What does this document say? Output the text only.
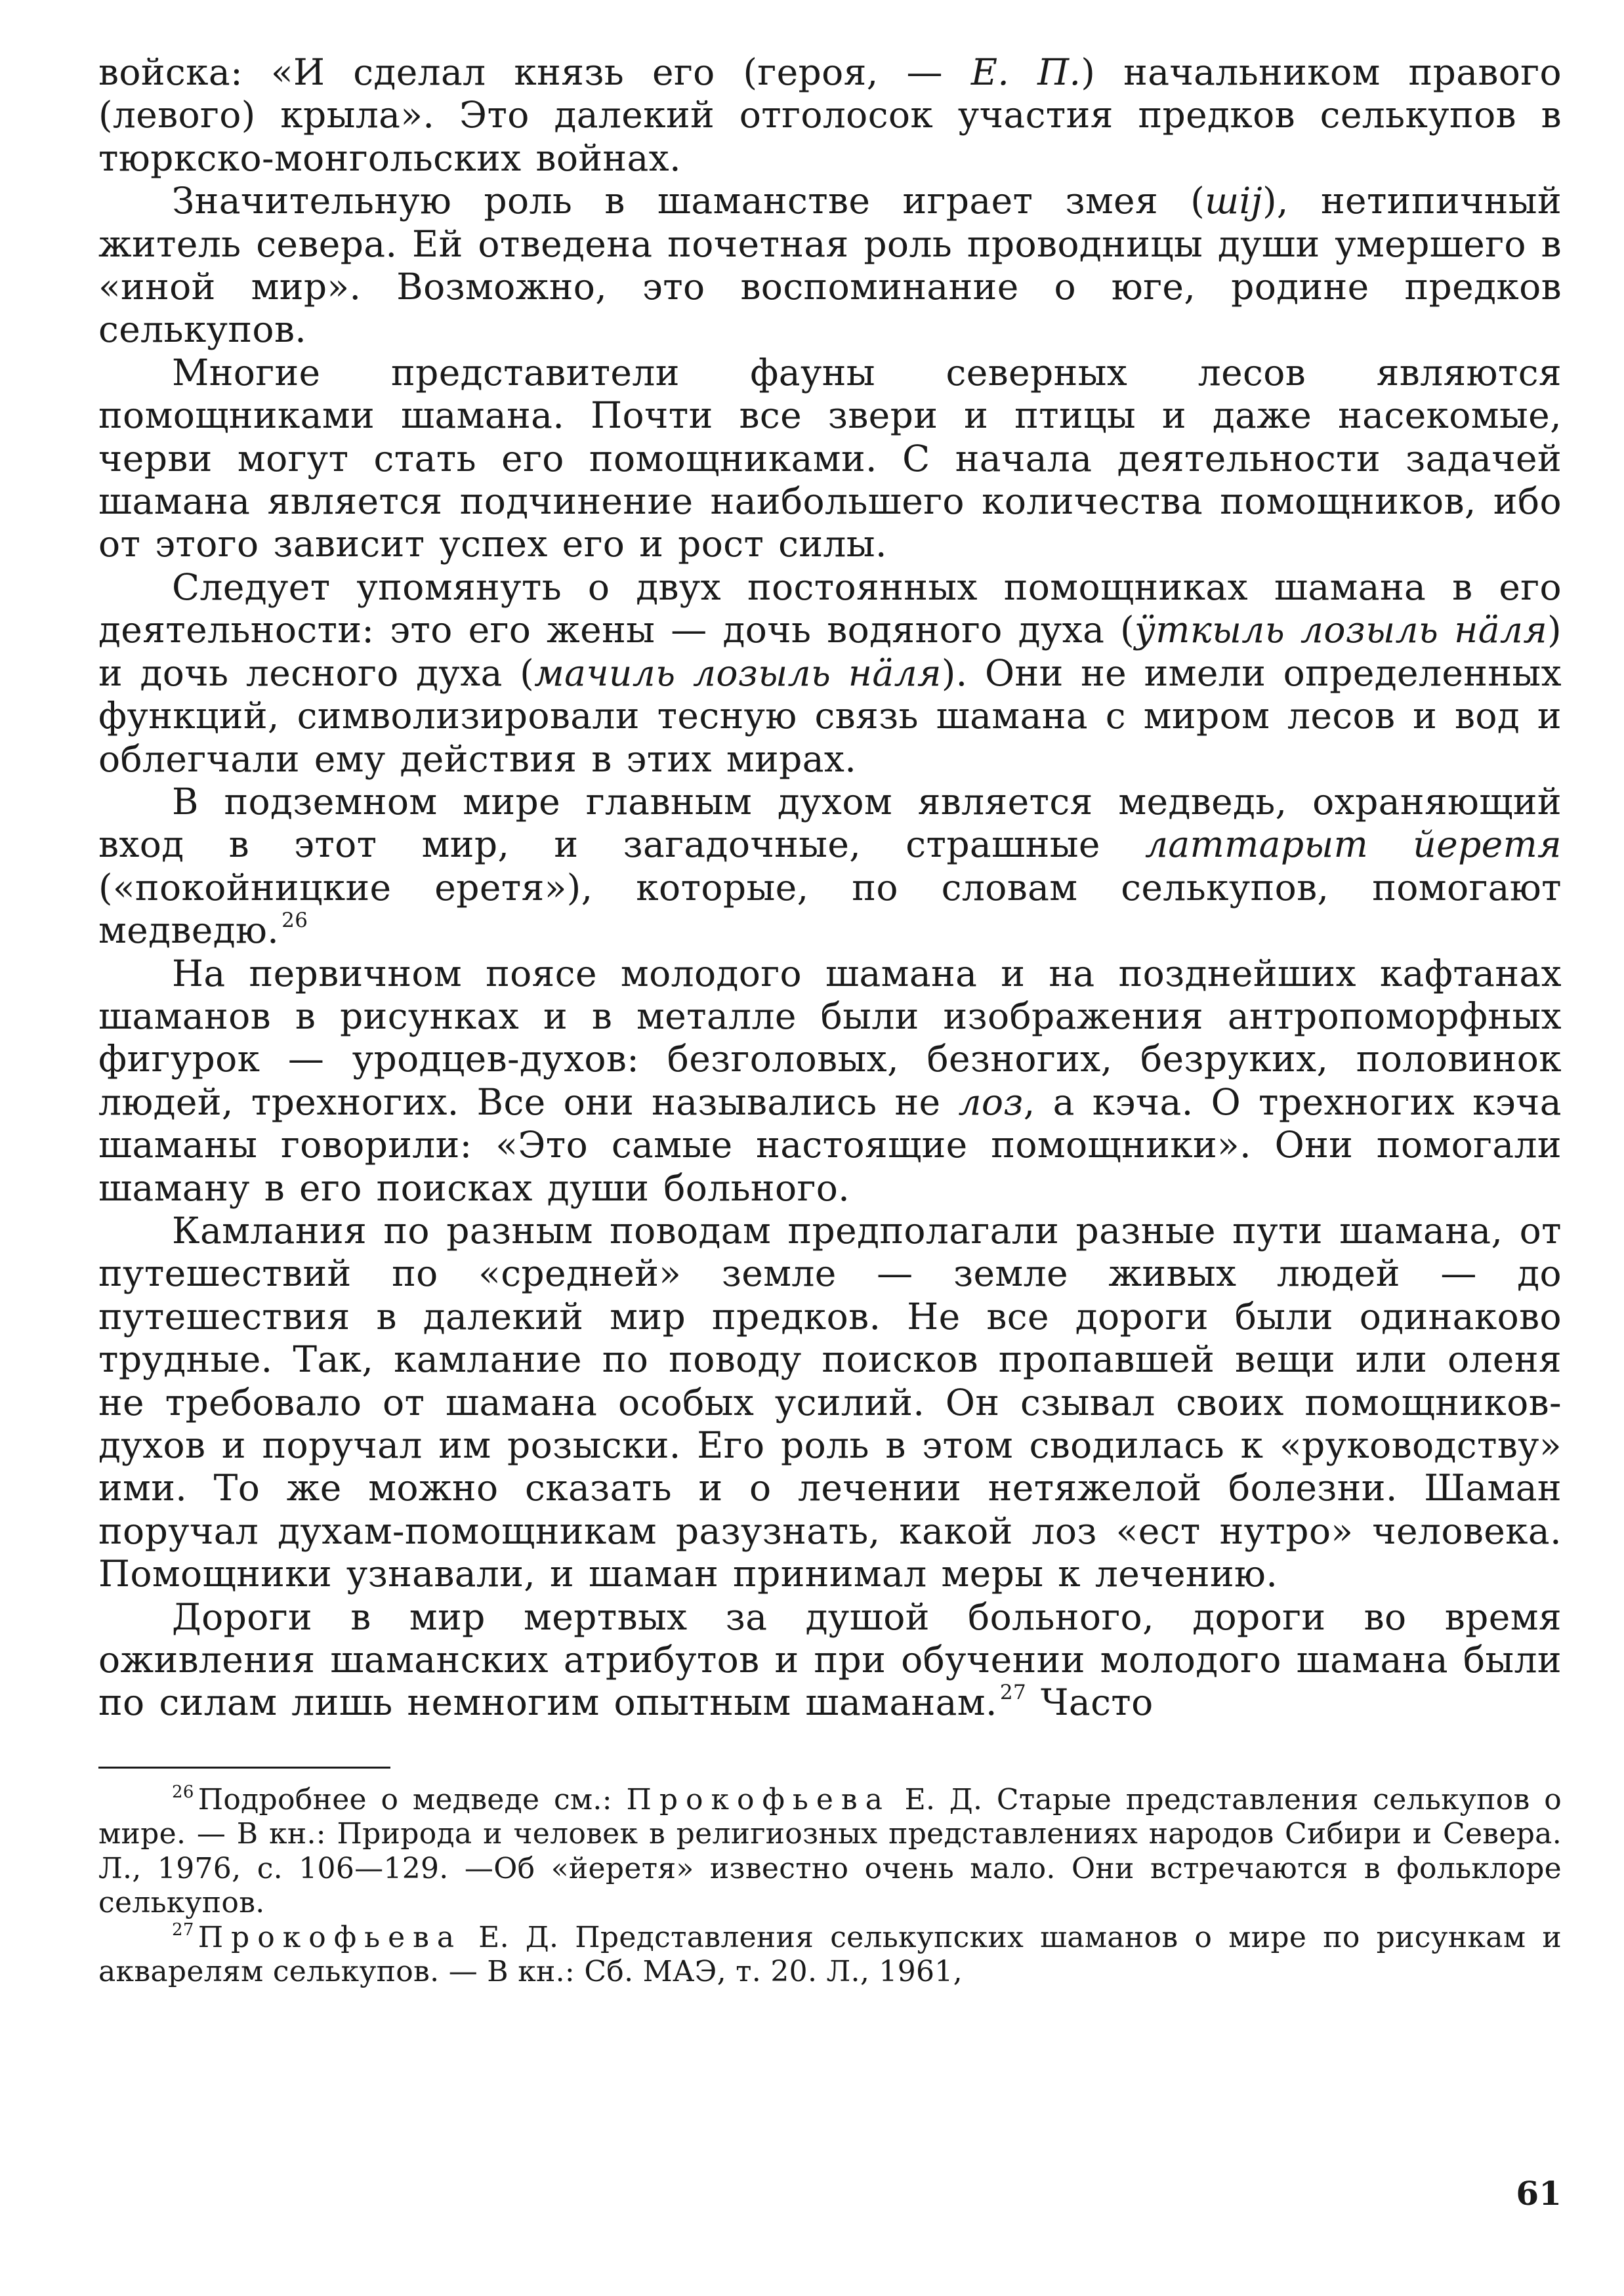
войска: «И сделал князь его (героя, — Е. П.) начальником правого (левого) крыла». Это далекий отголосок участия предков селькупов в тюркско-монгольских войнах.

Значительную роль в шаманстве играет змея (шij), нетипичный житель севера. Ей отведена почетная роль проводницы души умершего в «иной мир». Возможно, это воспоминание о юге, родине предков селькупов.

Многие представители фауны северных лесов являются помощниками шамана. Почти все звери и птицы и даже насекомые, черви могут стать его помощниками. С начала деятельности задачей шамана является подчинение наибольшего количества помощников, ибо от этого зависит успех его и рост силы.

Следует упомянуть о двух постоянных помощниках шамана в его деятельности: это его жены — дочь водяного духа (ӱткыль лозыль нӓля) и дочь лесного духа (мачиль лозыль нӓля). Они не имели определенных функций, символизировали тесную связь шамана с миром лесов и вод и облегчали ему действия в этих мирах.

В подземном мире главным духом является медведь, охраняющий вход в этот мир, и загадочные, страшные латтарыт йеретя («покойницкие еретя»), которые, по словам селькупов, помогают медведю. $^{26}$

На первичном поясе молодого шамана и на позднейших кафтанах шаманов в рисунках и в металле были изображения антропоморфных фигурок — уродцев-духов: безголовых, безногих, безруких, половинок людей, трехногих. Все они назывались не лоз, а кэча. О трехногих кэча шаманы говорили: «Это самые настоящие помощники». Они помогали шаману в его поисках души больного.

Камлания по разным поводам предполагали разные пути шамана, от путешествий по «средней» земле — земле живых людей — до путешествия в далекий мир предков. Не все дороги были одинаково трудные. Так, камлание по поводу поисков пропавшей вещи или оленя не требовало от шамана особых усилий. Он сзывал своих помощников-духов и поручал им розыски. Его роль в этом сводилась к «руководству» ими. То же можно сказать и о лечении нетяжелой болезни. Шаман поручал духам-помощникам разузнать, какой лоз «ест нутро» человека. Помощники узнавали, и шаман принимал меры к лечению.

Дороги в мир мертвых за душой больного, дороги во время оживления шаманских атрибутов и при обучении молодого шамана были по силам лишь немногим опытным шаманам. $^{27}$ Часто

$^{26}$ Подробнее о медведе см.: Прокофьева Е. Д. Старые представления селькупов о мире. — В кн.: Природа и человек в религиозных представлениях народов Сибири и Севера. Л., 1976, с. 106—129. —Об «йеретя» известно очень мало. Они встречаются в фольклоре селькупов.

$^{27}$ Прокофьева Е. Д. Представления селькупских шаманов о мире по рисункам и акварелям селькупов. — В кн.: Сб. МАЭ, т. 20. Л., 1961,

61
